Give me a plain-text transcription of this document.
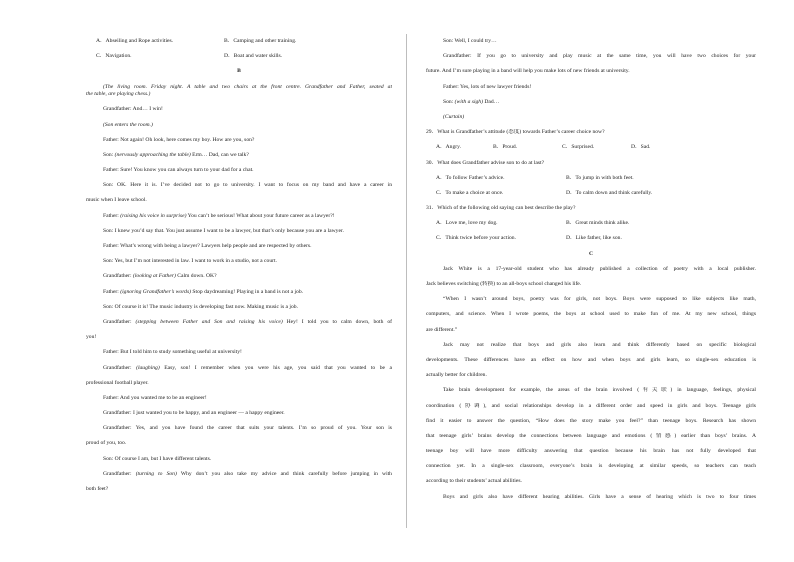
A．Abseiling and Rope activities.	B．Camping and other training.
C．Navigation.	D．Boat and water skills.
B
(The living room. Friday night. A table and two chairs at the front centre. Grandfather and Father, seated at
the table, are playing chess.)
Grandfather: And… I win!
(Son enters the room.)
Father: Not again! Oh look, here comes my boy. How are you, son?
Son: (nervously approaching the table) Erm… Dad, can we talk?
Father: Sure! You know you can always turn to your dad for a chat.
Son: OK. Here it is. I’ve decided not to go to university. I want to focus on my band and have a career in
music when I leave school.
Father: (raising his voice in surprise) You can’t be serious! What about your future career as a lawyer?!
Son: I knew you’d say that. You just assume I want to be a lawyer, but that’s only because you are a lawyer.
Father: What’s wrong with being a lawyer? Lawyers help people and are respected by others.
Son: Yes, but I’m not interested in law. I want to work in a studio, not a court.
Grandfather: (looking at Father) Calm down. OK?
Father: (ignoring Grandfather’s words) Stop daydreaming! Playing in a band is not a job.
Son: Of course it is! The music industry is developing fast now. Making music is a job.
Grandfather: (stepping between Father and Son and raising his voice) Hey! I told you to calm down, both of
you!
Father: But I told him to study something useful at university!
Grandfather: (laughing) Easy, son! I remember when you were his age, you said that you wanted to be a
professional football player.
Father: And you wanted me to be an engineer!
Grandfather: I just wanted you to be happy, and an engineer — a happy engineer.
Grandfather: Yes, and you have found the career that suits your talents. I’m so proud of you. Your son is
proud of you, too.
Son: Of course I am, but I have different talents.
Grandfather: (turning to Son) Why don’t you also take my advice and think carefully before jumping in with
both feet?
Son: Well, I could try…
Grandfather: If you go to university and play music at the same time, you will have two choices for your
future. And I’m sure playing in a band will help you make lots of new friends at university.
Father: Yes, lots of new lawyer friends!
Son: (with a sigh) Dad…
(Curtain)
29．What is Grandfather’s attitude (态度) towards Father’s career choice now?
A．Angry.	B．Proud.	C．Surprised.	D．Sad.
30．What does Grandfather advise son to do at last?
A．To follow Father’s advice.	B．To jump in with both feet.
C．To make a choice at once.	D．To calm down and think carefully.
31．Which of the following old saying can best describe the play?
A．Love me, love my dog.	B．Great minds think alike.
C．Think twice before your action.	D．Like father, like son.
C
Jack White is a 17-year-old student who has already published a collection of poetry with a local publisher.
Jack believes switching (转换) to an all-boys school changed his life.
“When I wasn’t around boys, poetry was for girls, not boys. Boys were supposed to like subjects like math,
computers, and science. When I wrote poems, the boys at school used to make fun of me. At my new school, things
are different.”
Jack may not realize that boys and girls also learn and think differently based on specific biological
developments. These differences have an effect on how and when boys and girls learn, so single-sex education is
actually better for children.
Take brain development for example, the areas of the brain involved (有关联) in language, feelings, physical
coordination (协调), and social relationships develop in a different order and speed in girls and boys. Teenage girls
find it easier to answer the question, “How does the story make you feel?” than teenage boys. Research has shown
that teenage girls’ brains develop the connections between language and emotions (情感) earlier than boys’ brains. A
teenage boy will have more difficulty answering that question because his brain has not fully developed that
connection yet. In a single-sex classroom, everyone’s brain is developing at similar speeds, so teachers can teach
according to their students’ actual abilities.
Boys and girls also have different hearing abilities. Girls have a sense of hearing which is two to four times
